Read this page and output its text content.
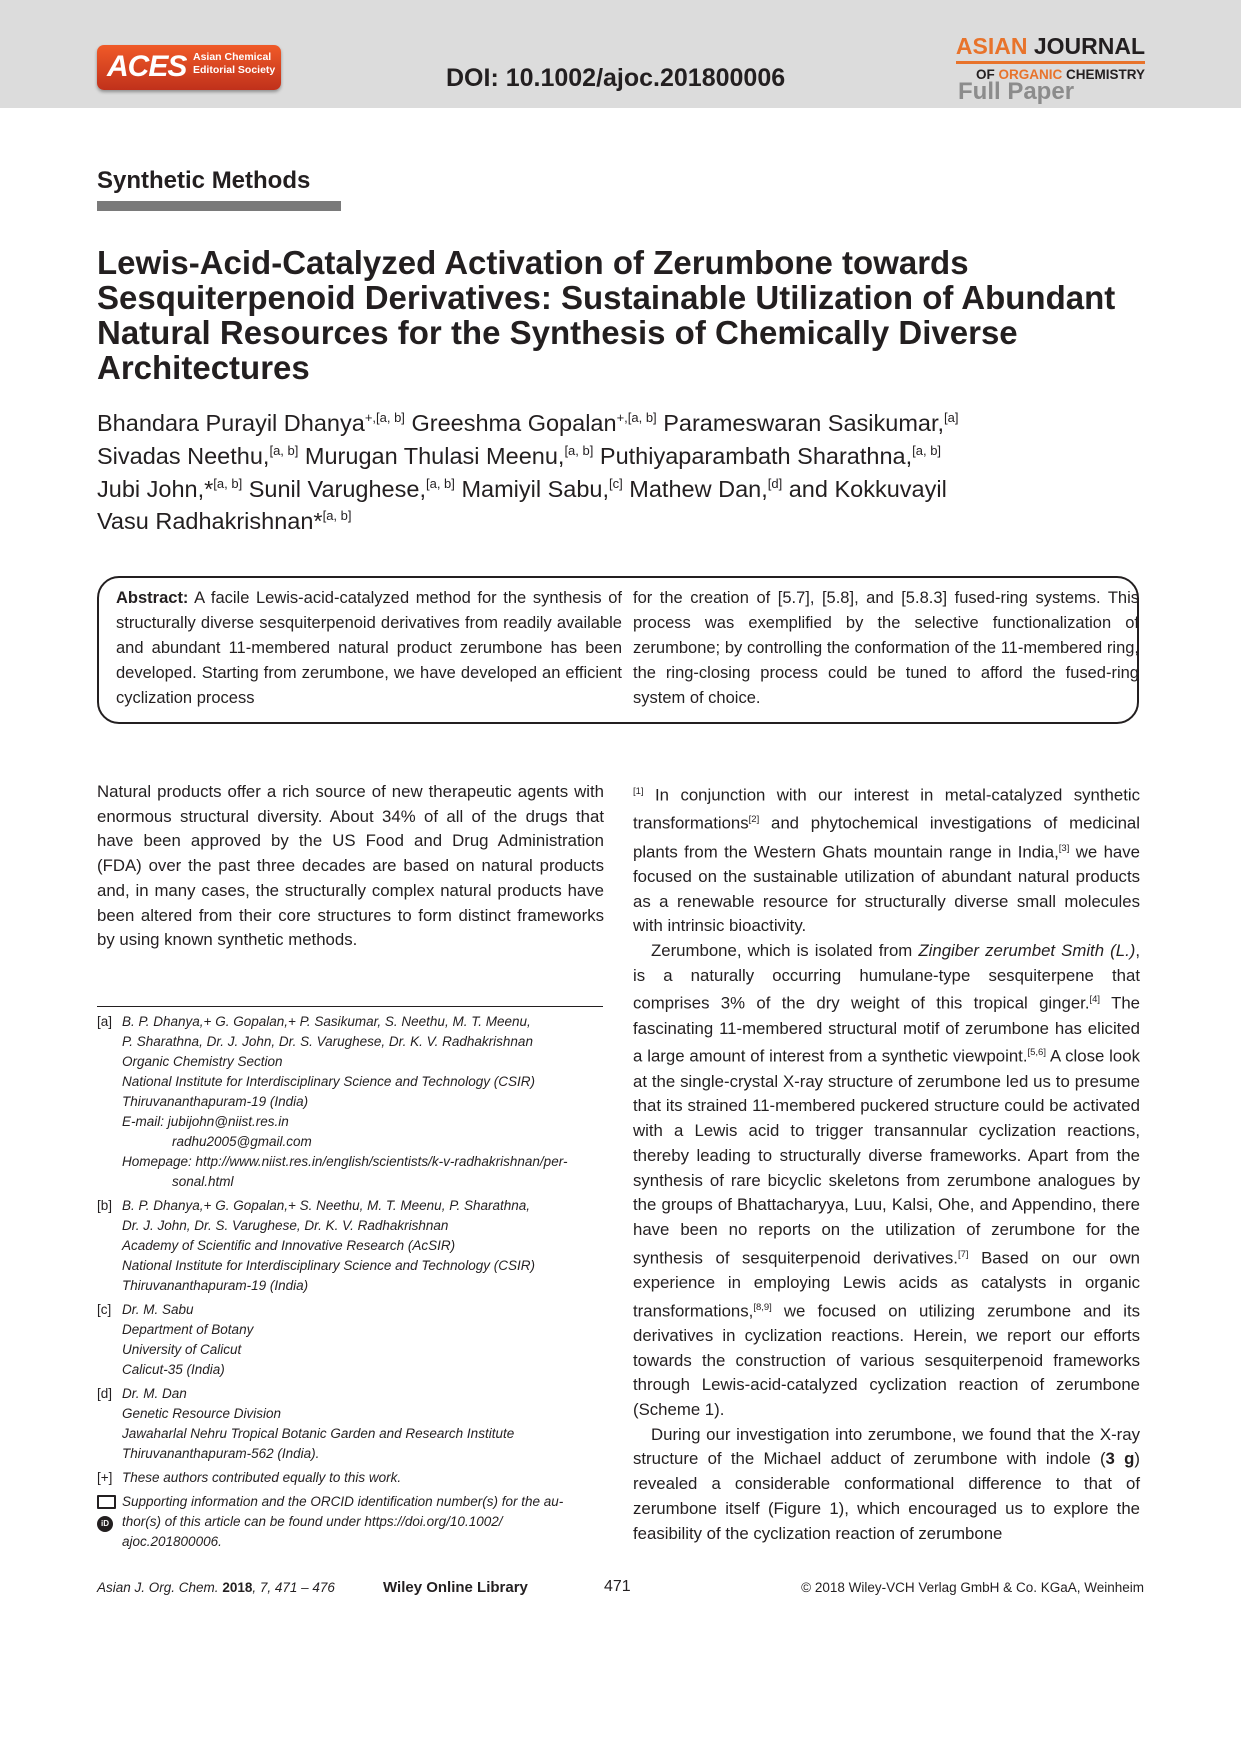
ACES Asian Chemical
Editorial Society	DOI: 10.1002/ajoc.201800006
ASIAN JOURNAL
OF ORGANIC CHEMISTRY
Full Paper
Synthetic Methods
Lewis-Acid-Catalyzed Activation of Zerumbone towards Sesquiterpenoid Derivatives: Sustainable Utilization of Abundant Natural Resources for the Synthesis of Chemically Diverse Architectures
Bhandara Purayil Dhanya$^{+,[a, b]}$ Greeshma Gopalan$^{+,[a, b]}$ Parameswaran Sasikumar,[a]
Sivadas Neethu,[a, b] Murugan Thulasi Meenu,[a, b] Puthiyaparambath Sharathna,[a, b]
Jubi John,*[a, b] Sunil Varughese,[a, b] Mamiyil Sabu,[c] Mathew Dan,[d] and Kokkuvayil
Vasu Radhakrishnan*[a, b]
Abstract: A facile Lewis-acid-catalyzed method for the synthesis of structurally diverse sesquiterpenoid derivatives from readily available and abundant 11-membered natural product zerumbone has been developed. Starting from zerumbone, we have developed an efficient cyclization process
for the creation of [5.7], [5.8], and [5.8.3] fused-ring systems. This process was exemplified by the selective functionalization of zerumbone; by controlling the conformation of the 11-membered ring, the ring-closing process could be tuned to afford the fused-ring system of choice.

Natural products offer a rich source of new therapeutic agents with enormous structural diversity. About 34% of all of the drugs that have been approved by the US Food and Drug Administration (FDA) over the past three decades are based on natural products and, in many cases, the structurally complex natural products have been altered from their core structures to form distinct frameworks by using known synthetic methods.

[1] In conjunction with our interest in metal-catalyzed synthetic transformations[2] and phytochemical investigations of medicinal plants from the Western Ghats mountain range in India,[3] we have focused on the sustainable utilization of abundant natural products as a renewable resource for structurally diverse small molecules with intrinsic bioactivity.

Zerumbone, which is isolated from Zingiber zerumbet Smith (L.), is a naturally occurring humulane-type sesquiterpene that comprises 3% of the dry weight of this tropical ginger.[4] The fascinating 11-membered structural motif of zerumbone has elicited a large amount of interest from a synthetic viewpoint.[5,6] A close look at the single-crystal X-ray structure of zerumbone led us to presume that its strained 11-membered puckered structure could be activated with a Lewis acid to trigger transannular cyclization reactions, thereby leading to structurally diverse frameworks. Apart from the synthesis of rare bicyclic skeletons from zerumbone analogues by the groups of Bhattacharyya, Luu, Kalsi, Ohe, and Appendino, there have been no reports on the utilization of zerumbone for the synthesis of sesquiterpenoid derivatives.[7] Based on our own experience in employing Lewis acids as catalysts in organic transformations,[8,9] we focused on utilizing zerumbone and its derivatives in cyclization reactions. Herein, we report our efforts towards the construction of various sesquiterpenoid frameworks through Lewis-acid-catalyzed cyclization reaction of zerumbone (Scheme 1).

During our investigation into zerumbone, we found that the X-ray structure of the Michael adduct of zerumbone with indole (3 g) revealed a considerable conformational difference to that of zerumbone itself (Figure 1), which encouraged us to explore the feasibility of the cyclization reaction of zerumbone

[a] B. P. Dhanya,+ G. Gopalan,+ P. Sasikumar, S. Neethu, M. T. Meenu,
P. Sharathna, Dr. J. John, Dr. S. Varughese, Dr. K. V. Radhakrishnan
Organic Chemistry Section
National Institute for Interdisciplinary Science and Technology (CSIR)
Thiruvananthapuram-19 (India)
E-mail: jubijohn@niist.res.in
radhu2005@gmail.com
Homepage: http://www.niist.res.in/english/scientists/k-v-radhakrishnan/per-
sonal.html
[b] B. P. Dhanya,+ G. Gopalan,+ S. Neethu, M. T. Meenu, P. Sharathna,
Dr. J. John, Dr. S. Varughese, Dr. K. V. Radhakrishnan
Academy of Scientific and Innovative Research (AcSIR)
National Institute for Interdisciplinary Science and Technology (CSIR)
Thiruvananthapuram-19 (India)
[c] Dr. M. Sabu
Department of Botany
University of Calicut
Calicut-35 (India)
[d] Dr. M. Dan
Genetic Resource Division
Jawaharlal Nehru Tropical Botanic Garden and Research Institute
Thiruvananthapuram-562 (India).
[+] These authors contributed equally to this work.
iD
Supporting information and the ORCID identification number(s) for the au-
thor(s) of this article can be found under https://doi.org/10.1002/
ajoc.201800006.
Asian J. Org. Chem. 2018, 7, 471 – 476	Wiley Online Library	471	© 2018 Wiley-VCH Verlag GmbH & Co. KGaA, Weinheim
